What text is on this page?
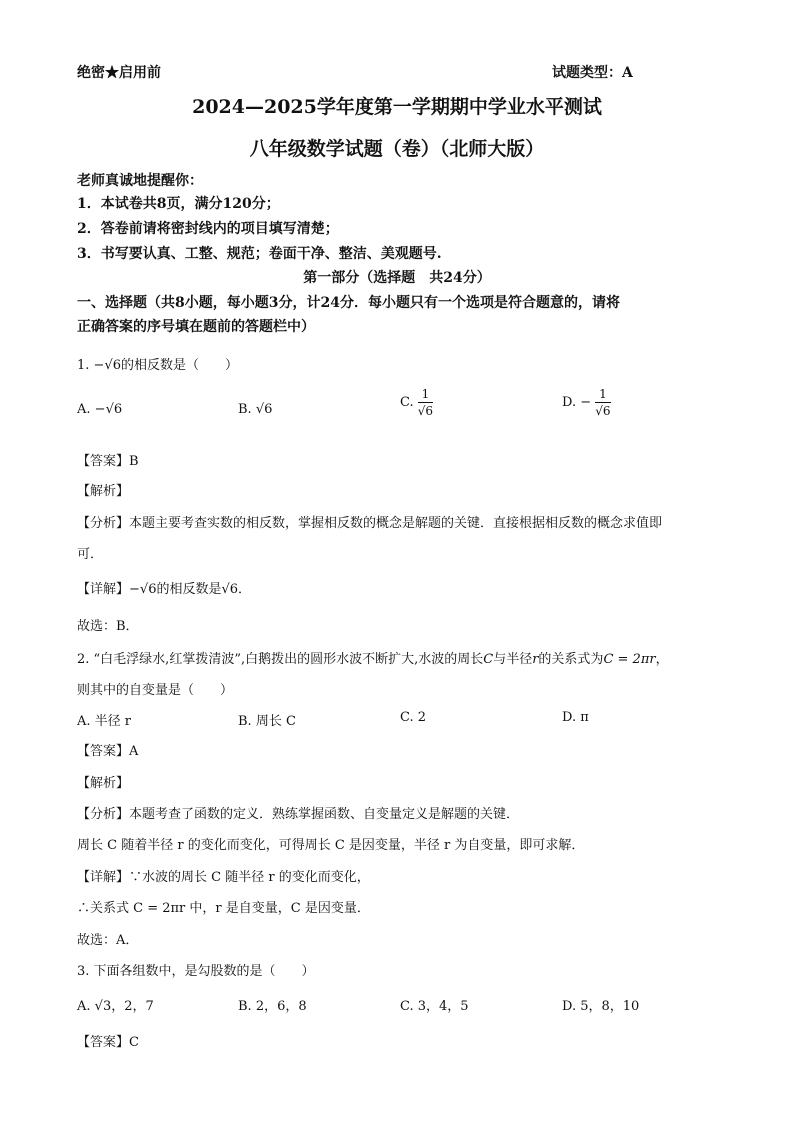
绝密★启用前	试题类型：A
2024—2025学年度第一学期期中学业水平测试
八年级数学试题（卷）（北师大版）
老师真诚地提醒你：
1．本试卷共8页，满分120分；
2．答卷前请将密封线内的项目填写清楚；
3．书写要认真、工整、规范；卷面干净、整洁、美观题号.
第一部分（选择题　共24分）
一、选择题（共8小题，每小题3分，计24分．每小题只有一个选项是符合题意的，请将
正确答案的序号填在题前的答题栏中）
1. −√6的相反数是（　　）
A. −√6	B. √6	C. $\frac{1}{√6}$	D. − $\frac{1}{√6}$
【答案】B
【解析】
【分析】本题主要考查实数的相反数，掌握相反数的概念是解题的关键．直接根据相反数的概念求值即
可．
【详解】−√6的相反数是√6．
故选：B．
2. “白毛浮绿水,红掌拨清波”,白鹅拨出的圆形水波不断扩大,水波的周长C与半径r的关系式为C = 2πr，
则其中的自变量是（　　）
A. 半径 r	B. 周长 C	C. 2	D. π
【答案】A
【解析】
【分析】本题考查了函数的定义．熟练掌握函数、自变量定义是解题的关键．
周长 C 随着半径 r 的变化而变化，可得周长 C 是因变量，半径 r 为自变量，即可求解．
【详解】∵水波的周长 C 随半径 r 的变化而变化，
∴关系式 C = 2πr 中，r 是自变量，C 是因变量．
故选：A．
3. 下面各组数中，是勾股数的是（　　）
A. √3，2，7	B. 2，6，8	C. 3，4，5	D. 5，8，10
【答案】C
